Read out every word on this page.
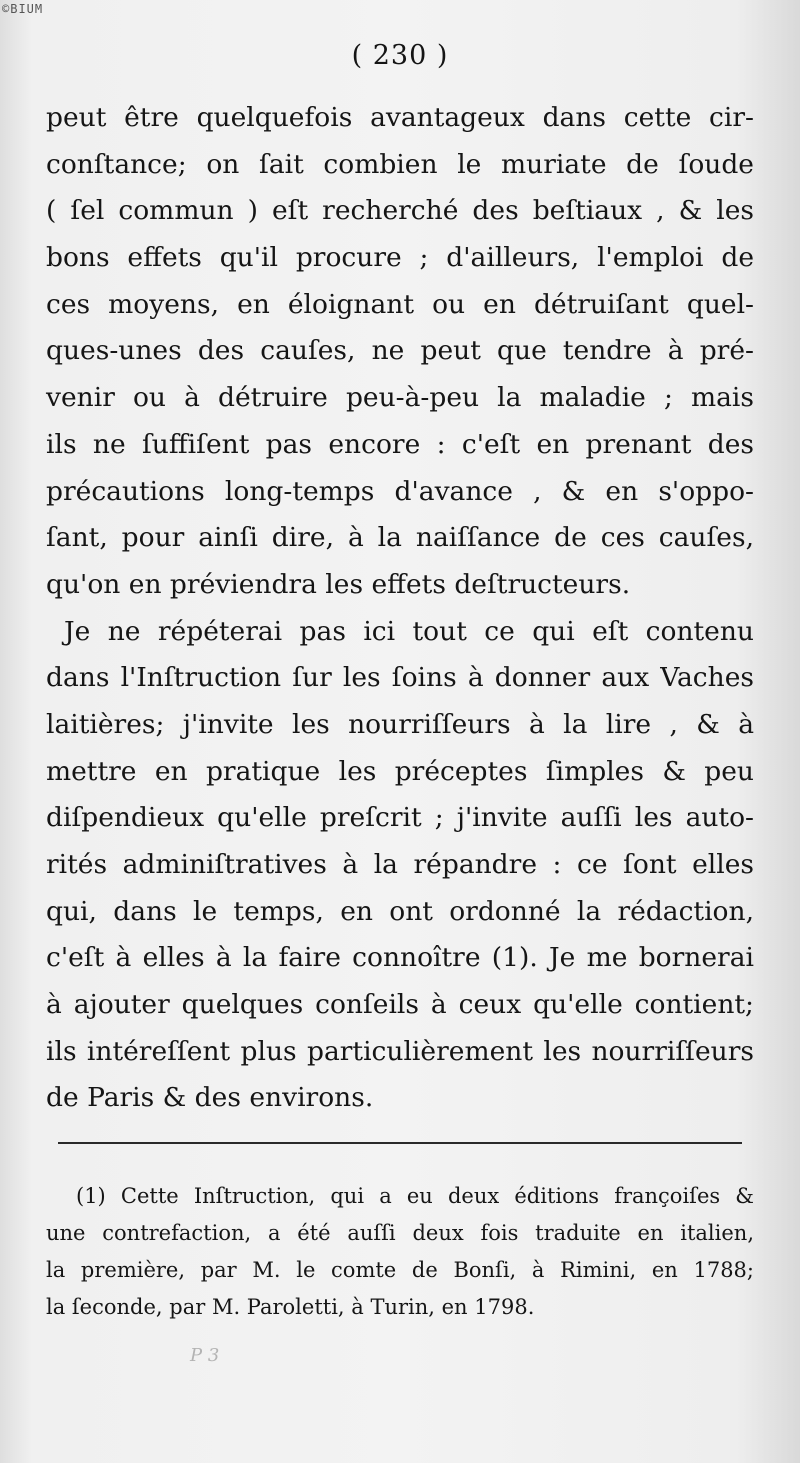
©BIUM
( 230 )
peut être quelquefois avantageux dans cette cir-
conſtance; on ſait combien le muriate de ſoude
( ſel commun ) eſt recherché des beſtiaux , & les
bons effets qu'il procure ; d'ailleurs, l'emploi de
ces moyens, en éloignant ou en détruiſant quel-
ques-unes des cauſes, ne peut que tendre à pré-
venir ou à détruire peu-à-peu la maladie ; mais
ils ne ſuffiſent pas encore : c'eſt en prenant des
précautions long-temps d'avance , & en s'oppo-
ſant, pour ainſi dire, à la naiſſance de ces cauſes,
qu'on en préviendra les effets deſtructeurs.
Je ne répéterai pas ici tout ce qui eſt contenu
dans l'Inſtruction ſur les ſoins à donner aux Vaches
laitières; j'invite les nourriſſeurs à la lire , & à
mettre en pratique les préceptes ſimples & peu
diſpendieux qu'elle preſcrit ; j'invite auſſi les auto-
rités adminiſtratives à la répandre : ce ſont elles
qui, dans le temps, en ont ordonné la rédaction,
c'eſt à elles à la faire connoître (1). Je me bornerai
à ajouter quelques conſeils à ceux qu'elle contient;
ils intéreſſent plus particulièrement les nourriſſeurs
de Paris & des environs.
(1) Cette Inſtruction, qui a eu deux éditions françoiſes &
une contrefaction, a été auſſi deux fois traduite en italien,
la première, par M. le comte de Bonſi, à Rimini, en 1788;
la ſeconde, par M. Paroletti, à Turin, en 1798.
P 3
